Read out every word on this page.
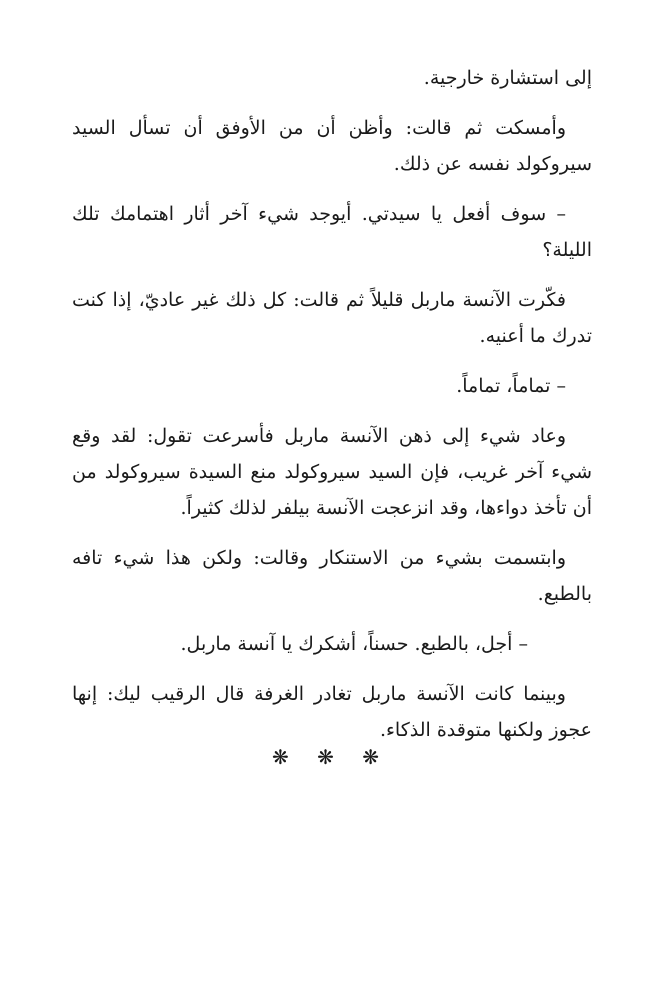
إلى استشارة خارجية.

وأمسكت ثم قالت: وأظن أن من الأوفق أن تسأل السيد سيروكولد نفسه عن ذلك.

– سوف أفعل يا سيدتي. أيوجد شيء آخر أثار اهتمامك تلك الليلة؟

فكّرت الآنسة ماربل قليلاً ثم قالت: كل ذلك غير عاديّ، إذا كنت تدرك ما أعنيه.

– تماماً، تماماً.

وعاد شيء إلى ذهن الآنسة ماربل فأسرعت تقول: لقد وقع شيء آخر غريب، فإن السيد سيروكولد منع السيدة سيروكولد من أن تأخذ دواءها، وقد انزعجت الآنسة بيلفر لذلك كثيراً.

وابتسمت بشيء من الاستنكار وقالت: ولكن هذا شيء تافه بالطبع.

– أجل، بالطبع. حسناً، أشكرك يا آنسة ماربل.

وبينما كانت الآنسة ماربل تغادر الغرفة قال الرقيب ليك: إنها عجوز ولكنها متوقدة الذكاء.

❋ ❋ ❋
